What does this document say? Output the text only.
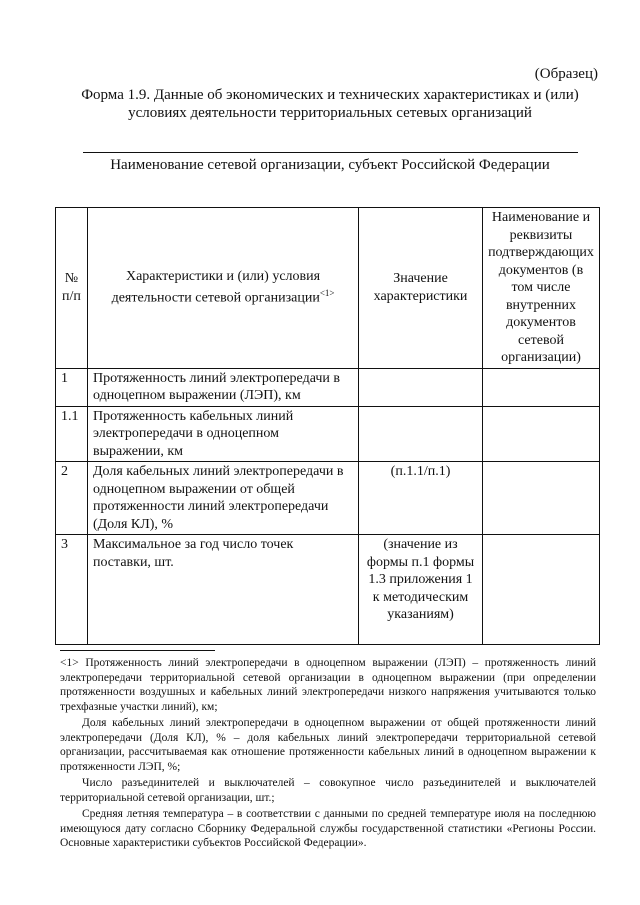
(Образец)
Форма 1.9. Данные об экономических и технических характеристиках и (или)
условиях деятельности территориальных сетевых организаций
Наименование сетевой организации, субъект Российской Федерации
№
п/п	Характеристики и (или) условия деятельности сетевой организации$^{<1>}$	Значение характеристики	Наименование и реквизиты подтверждающих документов (в том числе внутренних документов сетевой организации)
1	Протяженность линий электропередачи в одноцепном выражении (ЛЭП), км		
1.1	Протяженность кабельных линий электропередачи в одноцепном выражении, км		
2	Доля кабельных линий электропередачи в одноцепном выражении от общей протяженности линий электропередачи (Доля КЛ), %	(п.1.1/п.1)	
3	Максимальное за год число точек поставки, шт.	(значение из формы п.1 формы 1.3 приложения 1 к методическим указаниям)	

<1> Протяженность линий электропередачи в одноцепном выражении (ЛЭП) – протяженность линий электропередачи территориальной сетевой организации в одноцепном выражении (при определении протяженности воздушных и кабельных линий электропередачи низкого напряжения учитываются только трехфазные участки линий), км;

Доля кабельных линий электропередачи в одноцепном выражении от общей протяженности линий электропередачи (Доля КЛ), % – доля кабельных линий электропередачи территориальной сетевой организации, рассчитываемая как отношение протяженности кабельных линий в одноцепном выражении к протяженности ЛЭП, %;

Число разъединителей и выключателей – совокупное число разъединителей и выключателей территориальной сетевой организации, шт.;

Средняя летняя температура – в соответствии с данными по средней температуре июля на последнюю имеющуюся дату согласно Сборнику Федеральной службы государственной статистики «Регионы России. Основные характеристики субъектов Российской Федерации».
